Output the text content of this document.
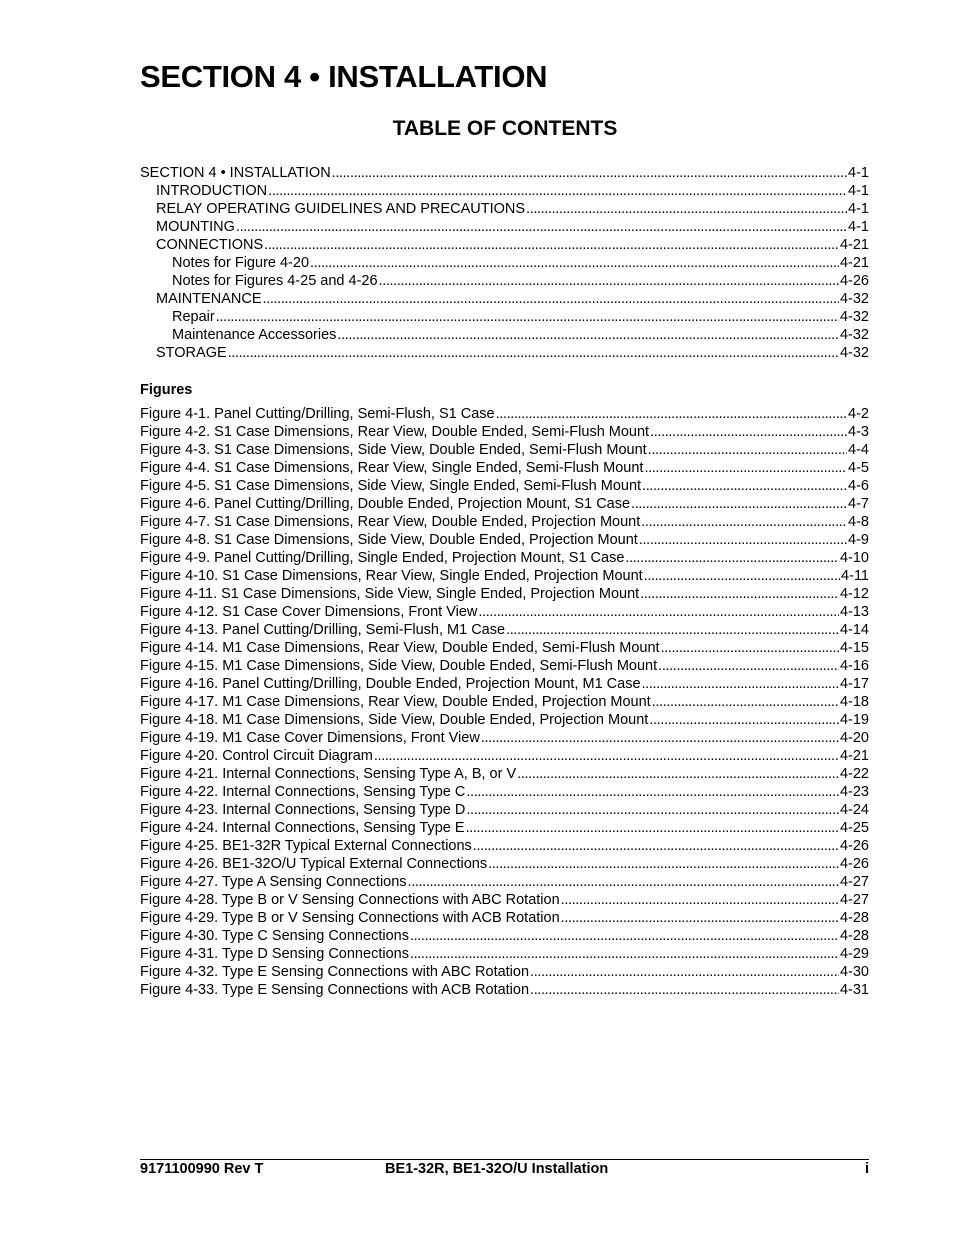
SECTION 4 • INSTALLATION
TABLE OF CONTENTS
SECTION 4 • INSTALLATION . . .	4-1
INTRODUCTION . . .	4-1
RELAY OPERATING GUIDELINES AND PRECAUTIONS . . .	4-1
MOUNTING . . .	4-1
CONNECTIONS . . .	4-21
Notes for Figure 4-20 . . .	4-21
Notes for Figures 4-25 and 4-26 . . .	4-26
MAINTENANCE . . .	4-32
Repair . . .	4-32
Maintenance Accessories . . .	4-32
STORAGE . . .	4-32
Figures
Figure 4-1. Panel Cutting/Drilling, Semi-Flush, S1 Case . . .	4-2
Figure 4-2. S1 Case Dimensions, Rear View, Double Ended, Semi-Flush Mount . . .	4-3
Figure 4-3. S1 Case Dimensions, Side View, Double Ended, Semi-Flush Mount . . .	4-4
Figure 4-4. S1 Case Dimensions, Rear View, Single Ended, Semi-Flush Mount . . .	4-5
Figure 4-5. S1 Case Dimensions, Side View, Single Ended, Semi-Flush Mount . . .	4-6
Figure 4-6. Panel Cutting/Drilling, Double Ended, Projection Mount, S1 Case . . .	4-7
Figure 4-7. S1 Case Dimensions, Rear View, Double Ended, Projection Mount . . .	4-8
Figure 4-8. S1 Case Dimensions, Side View, Double Ended, Projection Mount . . .	4-9
Figure 4-9. Panel Cutting/Drilling, Single Ended, Projection Mount, S1 Case . . .	4-10
Figure 4-10. S1 Case Dimensions, Rear View, Single Ended, Projection Mount . . .	4-11
Figure 4-11. S1 Case Dimensions, Side View, Single Ended, Projection Mount . . .	4-12
Figure 4-12. S1 Case Cover Dimensions, Front View . . .	4-13
Figure 4-13. Panel Cutting/Drilling, Semi-Flush, M1 Case . . .	4-14
Figure 4-14. M1 Case Dimensions, Rear View, Double Ended, Semi-Flush Mount . . .	4-15
Figure 4-15. M1 Case Dimensions, Side View, Double Ended, Semi-Flush Mount . . .	4-16
Figure 4-16. Panel Cutting/Drilling, Double Ended, Projection Mount, M1 Case . . .	4-17
Figure 4-17. M1 Case Dimensions, Rear View, Double Ended, Projection Mount . . .	4-18
Figure 4-18. M1 Case Dimensions, Side View, Double Ended, Projection Mount . . .	4-19
Figure 4-19. M1 Case Cover Dimensions, Front View . . .	4-20
Figure 4-20. Control Circuit Diagram . . .	4-21
Figure 4-21. Internal Connections, Sensing Type A, B, or V . . .	4-22
Figure 4-22. Internal Connections, Sensing Type C . . .	4-23
Figure 4-23. Internal Connections, Sensing Type D . . .	4-24
Figure 4-24. Internal Connections, Sensing Type E . . .	4-25
Figure 4-25. BE1-32R Typical External Connections . . .	4-26
Figure 4-26. BE1-32O/U Typical External Connections . . .	4-26
Figure 4-27. Type A Sensing Connections . . .	4-27
Figure 4-28. Type B or V Sensing Connections with ABC Rotation . . .	4-27
Figure 4-29. Type B or V Sensing Connections with ACB Rotation . . .	4-28
Figure 4-30. Type C Sensing Connections . . .	4-28
Figure 4-31. Type D Sensing Connections . . .	4-29
Figure 4-32. Type E Sensing Connections with ABC Rotation . . .	4-30
Figure 4-33. Type E Sensing Connections with ACB Rotation . . .	4-31
9171100990 Rev T	BE1-32R, BE1-32O/U Installation	i
